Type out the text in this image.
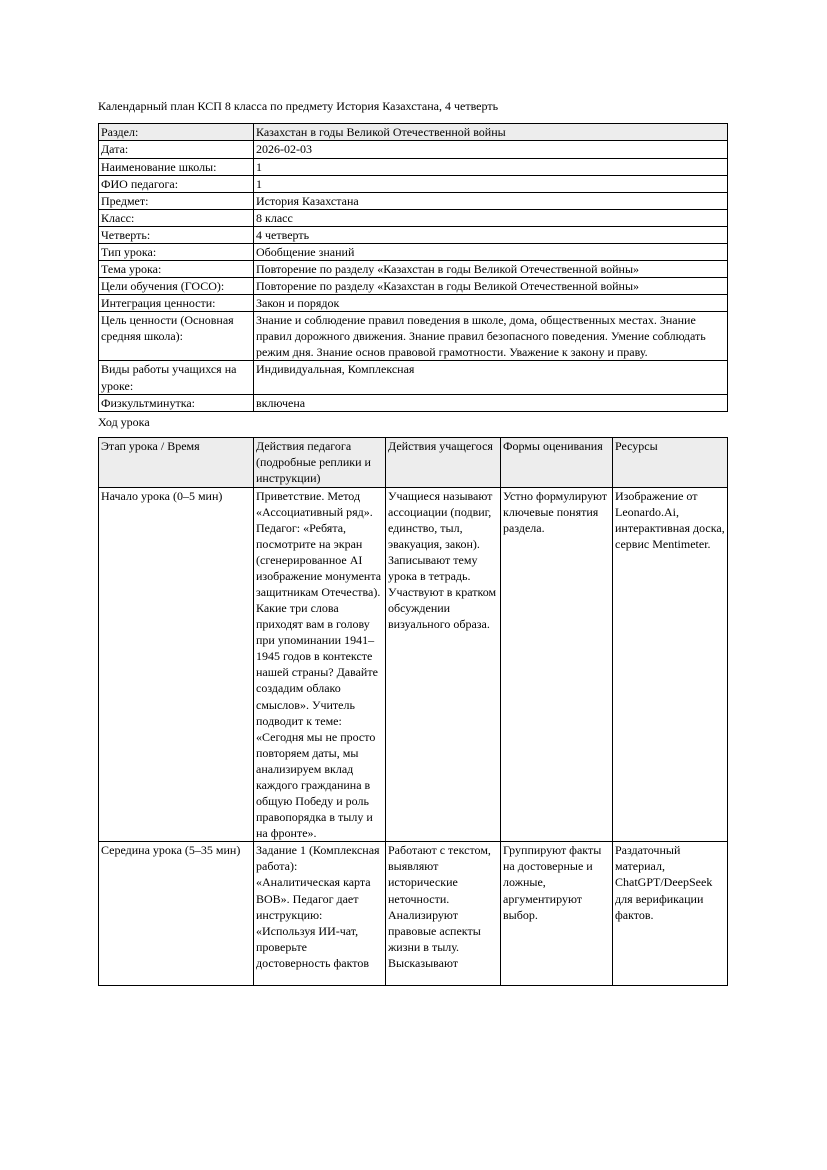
Календарный план КСП 8 класса по предмету История Казахстана, 4 четверть

Раздел:	Казахстан в годы Великой Отечественной войны
Дата:	2026-02-03
Наименование школы:	1
ФИО педагога:	1
Предмет:	История Казахстана
Класс:	8 класс
Четверть:	4 четверть
Тип урока:	Обобщение знаний
Тема урока:	Повторение по разделу «Казахстан в годы Великой Отечественной войны»
Цели обучения (ГОСО):	Повторение по разделу «Казахстан в годы Великой Отечественной войны»
Интеграция ценности:	Закон и порядок
Цель ценности (Основная средняя школа):	Знание и соблюдение правил поведения в школе, дома, общественных местах. Знание правил дорожного движения. Знание правил безопасного поведения. Умение соблюдать режим дня. Знание основ правовой грамотности. Уважение к закону и праву.
Виды работы учащихся на уроке:	Индивидуальная, Комплексная
Физкультминутка:	включена

Ход урока

Этап урока / Время	Действия педагога (подробные реплики и инструкции)	Действия учащегося	Формы оценивания	Ресурсы
Начало урока (0–5 мин)	Приветствие. Метод «Ассоциативный ряд». Педагог: «Ребята, посмотрите на экран (сгенерированное AI изображение монумента защитникам Отечества). Какие три слова приходят вам в голову при упоминании 1941–1945 годов в контексте нашей страны? Давайте создадим облако смыслов». Учитель подводит к теме: «Сегодня мы не просто повторяем даты, мы анализируем вклад каждого гражданина в общую Победу и роль правопорядка в тылу и на фронте».	Учащиеся называют ассоциации (подвиг, единство, тыл, эвакуация, закон). Записывают тему урока в тетрадь. Участвуют в кратком обсуждении визуального образа.	Устно формулируют ключевые понятия раздела.	Изображение от Leonardo.Ai, интерактивная доска, сервис Mentimeter.

Середина урока (5–35 мин)	Задание 1 (Комплексная работа): «Аналитическая карта ВОВ». Педагог дает инструкцию: «Используя ИИ-чат, проверьте достоверность фактов	Работают с текстом, выявляют исторические неточности. Анализируют правовые аспекты жизни в тылу. Высказывают	Группируют факты на достоверные и ложные, аргументируют выбор.	Раздаточный материал, ChatGPT/DeepSeek для верификации фактов.
